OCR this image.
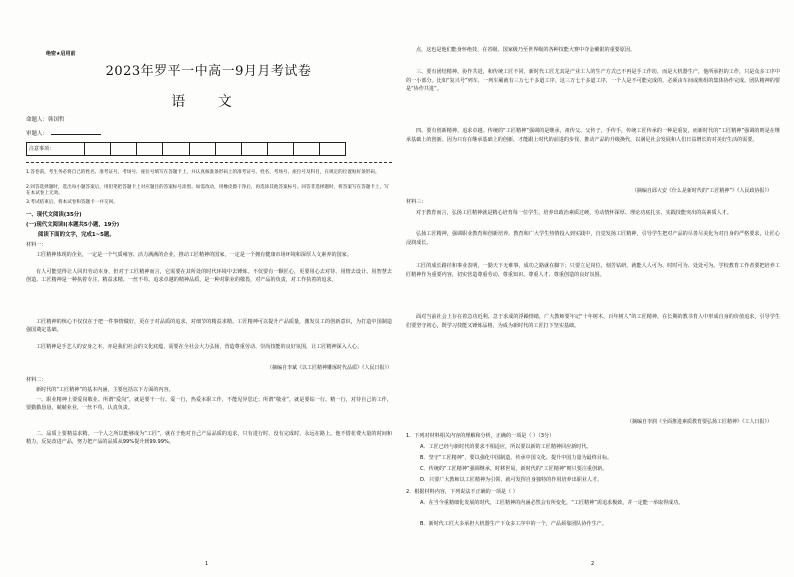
绝密★启用前
2023年罗平一中高一9月月考试卷
语 文
命题人：韩国哲
审题人：
注意事项：
1.答卷前，考生务必将自己的姓名、准考证号、考场号、座位号填写在答题卡上，并认真核准条形码上的准考证号、姓名、考场号、座位号及科目，在规定的位置贴好条形码。
2.回答选择题时，选出每小题答案后，用铅笔把答题卡上对应题目的答案标号涂黑。如需改动，用橡皮擦干净后，再选涂其他答案标号。回答非选择题时，将答案写在答题卡上，写在本试卷上无效。
3.考试结束后，将本试卷和答题卡一并交回。
一、现代文阅读(35分)
(一)现代文阅读Ⅰ(本题共5小题，19分)
阅读下面的文字，完成1~5题。
材料一：
工匠精神体现的企业，一定是一个气质雍容、活力满满的企业，推动工匠精神的国家，一定是一个拥有健康市场环境和深厚人文素养的国家。
有人可能觉得让人回归劳动本身，但对于工匠精神而言，它需要在其所处的时代环境中去锤炼。不仅要有一颗匠心，更要用心去对待、用情去设计、用智慧去创造。工匠精神是一种执着专注、精益求精、一丝不苟、追求卓越的精神品质，是一种对职业的敬畏，对产品的负责，对工作执着的追求。
工匠精神的核心不仅仅在于把一件事情做好，更在于对品质的追求，对细节的精益求精。工匠精神可以提升产品质量，激发员工的创新意识，为打造中国制造强国奠定基础。
工匠精神是手艺人的安身之本，亦是我们社会的文化底蕴，需要在全社会大力弘扬，营造尊重劳动、崇尚技能的良好氛围，让工匠精神深入人心。
（摘编自李斌《以工匠精神雕琢时代品质》《人民日报》）
材料二：
新时代的“工匠精神”的基本内涵，主要包括以下方面的内容。
一、职业精神上要爱岗敬业。所谓“爱岗”，就是要干一行、爱一行，热爱本职工作，不能见异思迁；所谓“敬业”，就是要钻一行、精一行，对待自己的工作，要勤勤恳恳，兢兢业业，一丝不苟，认真负责。
二、品质上要精益求精。一个人之所以能够成为“工匠”，就在于他对自己产品品质的追求，只有进行时，没有完成时，永远在路上。他不惜花费大量的时间和精力，反复改进产品，努力把产品的品质从99%提升到99.99%。
1
点，这也是他们能身怀绝技，在省级、国家级乃至世界级的各种技能大赛中夺金戴银的重要原因。
三、要有团结精神、协作共进，和传统工匠不同，新时代工匠尤其是产业工人的生产方式已不再是手工作坊，而是大机器生产，他所承担的工作，只是众多工序中的一小部分。比如“复兴号”列车，一列车厢就有三万七千多道工序。这三万七千多道工序，一个人是不可能完成的，必须由车间或班组的集体协作完成。团队精神的要是“协作共进”。
四、要有创新精神、追求卓越。传统的“工匠精神”强调的是继承，祖传父、父传子，手传手，传统工匠传承的一种是重复，而新时代的“工匠精神”强调的则是在继承基础上的创新。因为只有在继承基础上的创新，才能跟上时代的前进的步伐，推动产品的升级换代，以满足社会发展和人们日益增长的对美好生活的需要。
（摘编自邱大安《什么是新时代的“工匠精神”》《人民政协报》）
材料三：
对于教育而言，弘扬工匠精神就是精心培育每一位学生，培养出政治素质过硬、劳动情怀深厚、理论功底扎实、实践技能突出的高素质人才。
弘扬工匠精神，强调职业教育和创新培养。教育和广大学生热情投入到实践中，自觉发扬工匠精神，引导学生把对产品的尽善尽美化为对自身的严格要求，让匠心浸润成长。
工匠的成长路径和事业表明，一勤天下无难事，成功之路就在脚下；只要立足岗位，刻苦钻研，就能人人可为、时时可为、处处可为。学校教育工作者要把培养工匠精神作为重要内容，切实营造尊重劳动、尊重知识、尊重人才、尊重创造的良好氛围。
面对当前社会上存在着急功近利、急于求成的浮躁情绪，广大教师要牢记“十年树木，百年树人”的工匠精神，在长期的教书育人中形成自身的价值追求，引导学生们要坚守初心，既学习技能又锤炼品格，为成为新时代的工匠打下坚实基础。
（摘编自李润《全面推进素质教育要弘扬工匠精神》《工人日报》）
1．下列对材料相关内容的理解和分析，正确的一项是（ ）（3分）
A．工匠已经与新时代的要求不相适应，所以要以新的工匠精神回应新时代。
B．坚守“工匠精神”，要以强化中国制造、传承中国文化、提升中国力量为最终目标。
C．传统的“工匠精神”强调继承，时移世易，新时代的“工匠精神”则只要注重创新。
D．只要广大教师以工匠精神为引领，就可发挥自身独特的作用培养出职业人才。
2．根据材料内容，下列说法不正确的一项是（ ）
A．在当今重精细化发展的时代，工匠精神的内涵必然会有所变化，“工匠精神”需追求极致，并一定能一举取得成功。
B．新时代工匠大多承担大机器生产下众多工序中的一个，产品须靠团队协作生产。
2
